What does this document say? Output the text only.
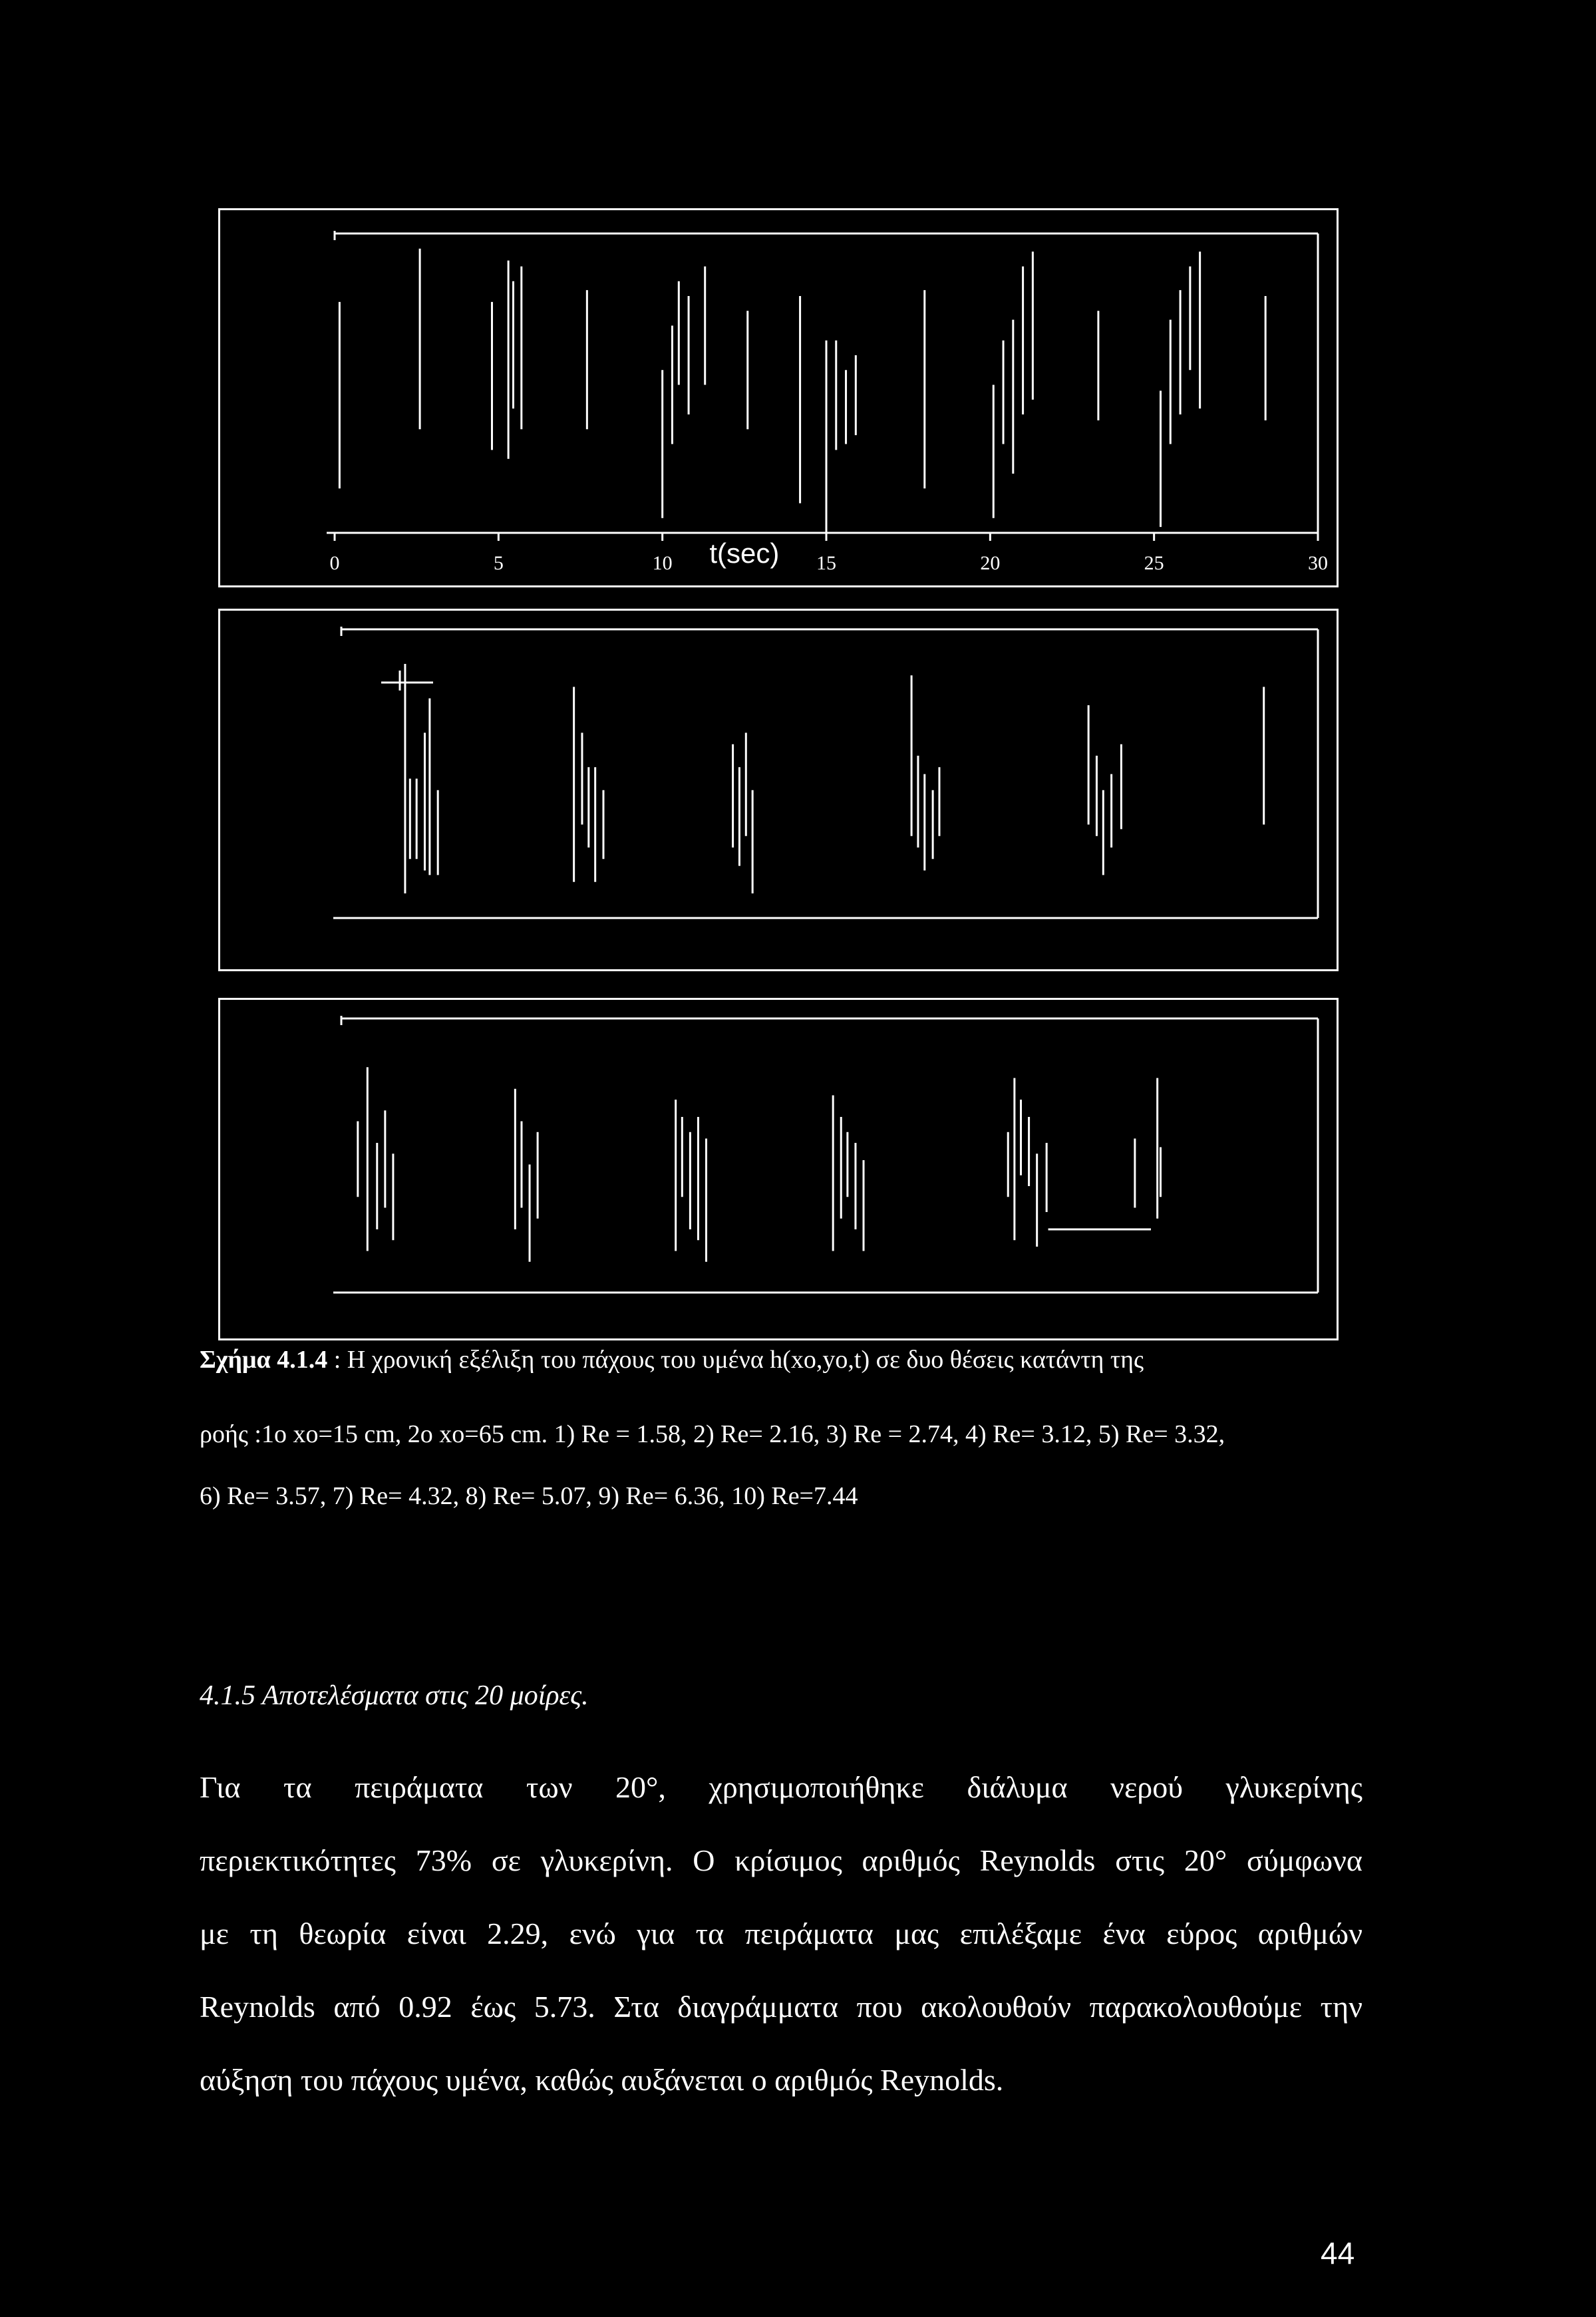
0	5	10	15	20	25	30
t(sec)
Σχήμα 4.1.4 : Η χρονική εξέλιξη του πάχους του υμένα h(xo,yo,t) σε δυο θέσεις κατάντη της
ροής :1ο xo=15 cm, 2o xo=65 cm. 1) Re = 1.58, 2) Re= 2.16, 3) Re = 2.74, 4) Re= 3.12, 5) Re= 3.32,
6) Re= 3.57, 7) Re= 4.32, 8) Re= 5.07, 9) Re= 6.36, 10) Re=7.44
4.1.5 Αποτελέσματα στις 20 μοίρες.
Για τα πειράματα των 20°, χρησιμοποιήθηκε διάλυμα νερού γλυκερίνης
περιεκτικότητες 73% σε γλυκερίνη. Ο κρίσιμος αριθμός Reynolds στις 20° σύμφωνα
με τη θεωρία είναι 2.29, ενώ για τα πειράματα μας επιλέξαμε ένα εύρος αριθμών
Reynolds από 0.92 έως 5.73. Στα διαγράμματα που ακολουθούν παρακολουθούμε την
αύξηση του πάχους υμένα, καθώς αυξάνεται ο αριθμός Reynolds.
44
